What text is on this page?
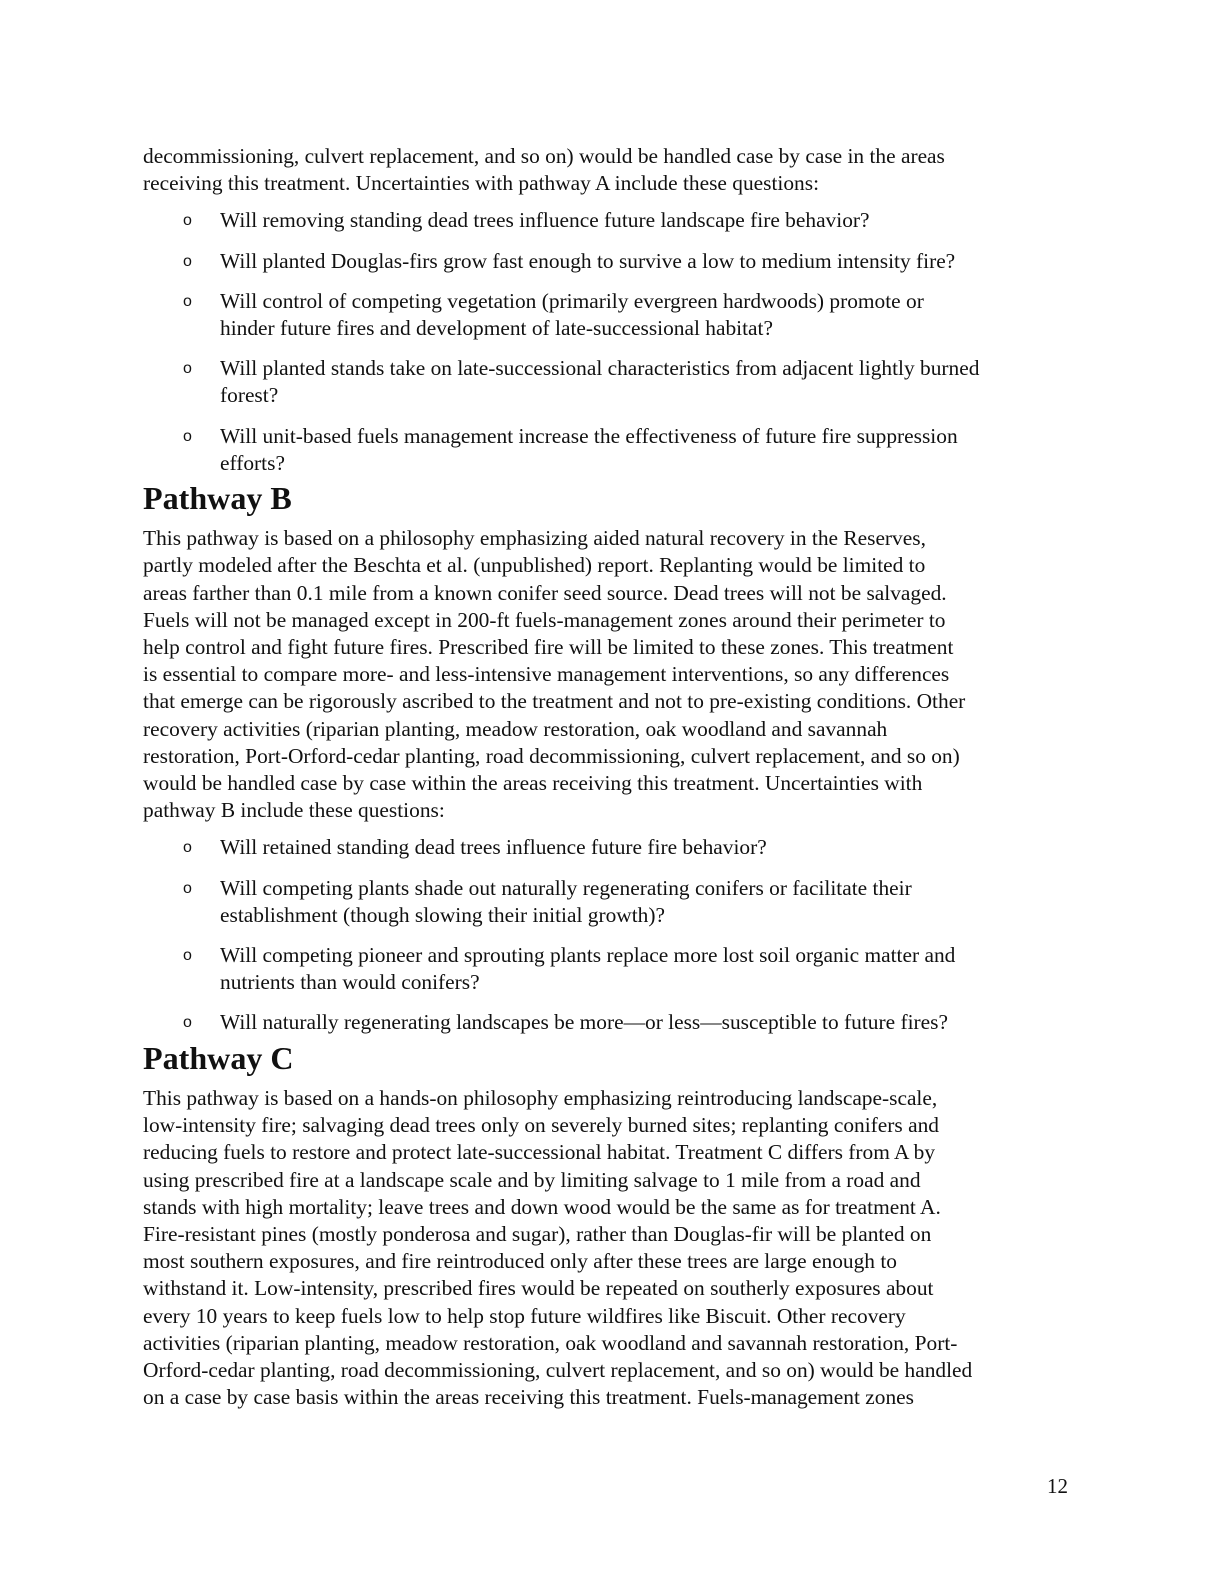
decommissioning, culvert replacement, and so on) would be handled case by case in the areas
receiving this treatment. Uncertainties with pathway A include these questions:

o Will removing standing dead trees influence future landscape fire behavior?
o Will planted Douglas-firs grow fast enough to survive a low to medium intensity fire?
o Will control of competing vegetation (primarily evergreen hardwoods) promote or
hinder future fires and development of late-successional habitat?
o Will planted stands take on late-successional characteristics from adjacent lightly burned
forest?
o Will unit-based fuels management increase the effectiveness of future fire suppression
efforts?
Pathway B

This pathway is based on a philosophy emphasizing aided natural recovery in the Reserves,
partly modeled after the Beschta et al. (unpublished) report. Replanting would be limited to
areas farther than 0.1 mile from a known conifer seed source. Dead trees will not be salvaged.
Fuels will not be managed except in 200-ft fuels-management zones around their perimeter to
help control and fight future fires. Prescribed fire will be limited to these zones. This treatment
is essential to compare more- and less-intensive management interventions, so any differences
that emerge can be rigorously ascribed to the treatment and not to pre-existing conditions. Other
recovery activities (riparian planting, meadow restoration, oak woodland and savannah
restoration, Port-Orford-cedar planting, road decommissioning, culvert replacement, and so on)
would be handled case by case within the areas receiving this treatment. Uncertainties with
pathway B include these questions:

o Will retained standing dead trees influence future fire behavior?
o Will competing plants shade out naturally regenerating conifers or facilitate their
establishment (though slowing their initial growth)?
o Will competing pioneer and sprouting plants replace more lost soil organic matter and
nutrients than would conifers?
o Will naturally regenerating landscapes be more—or less—susceptible to future fires?
Pathway C

This pathway is based on a hands-on philosophy emphasizing reintroducing landscape-scale,
low-intensity fire; salvaging dead trees only on severely burned sites; replanting conifers and
reducing fuels to restore and protect late-successional habitat. Treatment C differs from A by
using prescribed fire at a landscape scale and by limiting salvage to 1 mile from a road and
stands with high mortality; leave trees and down wood would be the same as for treatment A.
Fire-resistant pines (mostly ponderosa and sugar), rather than Douglas-fir will be planted on
most southern exposures, and fire reintroduced only after these trees are large enough to
withstand it. Low-intensity, prescribed fires would be repeated on southerly exposures about
every 10 years to keep fuels low to help stop future wildfires like Biscuit. Other recovery
activities (riparian planting, meadow restoration, oak woodland and savannah restoration, Port-
Orford-cedar planting, road decommissioning, culvert replacement, and so on) would be handled
on a case by case basis within the areas receiving this treatment. Fuels-management zones

12
